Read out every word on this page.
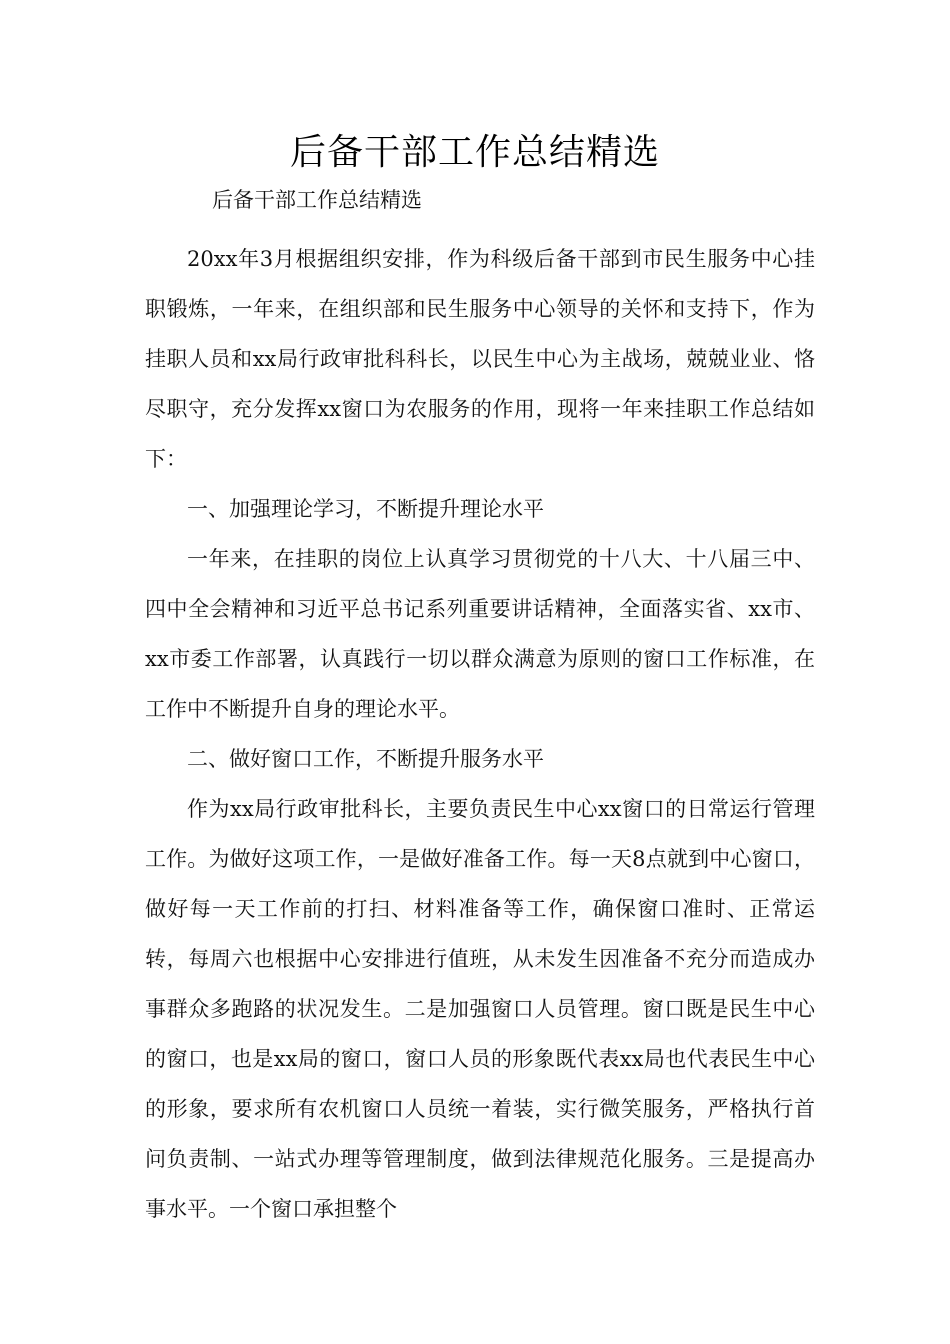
后备干部工作总结精选

后备干部工作总结精选

20xx年3月根据组织安排，作为科级后备干部到市民生服务中心挂职锻炼，一年来，在组织部和民生服务中心领导的关怀和支持下，作为挂职人员和xx局行政审批科科长，以民生中心为主战场，兢兢业业、恪尽职守，充分发挥xx窗口为农服务的作用，现将一年来挂职工作总结如下：

一、加强理论学习，不断提升理论水平

一年来，在挂职的岗位上认真学习贯彻党的十八大、十八届三中、四中全会精神和习近平总书记系列重要讲话精神，全面落实省、xx市、xx市委工作部署，认真践行一切以群众满意为原则的窗口工作标准，在工作中不断提升自身的理论水平。

二、做好窗口工作，不断提升服务水平

作为xx局行政审批科长，主要负责民生中心xx窗口的日常运行管理工作。为做好这项工作，一是做好准备工作。每一天8点就到中心窗口，做好每一天工作前的打扫、材料准备等工作，确保窗口准时、正常运转，每周六也根据中心安排进行值班，从未发生因准备不充分而造成办事群众多跑路的状况发生。二是加强窗口人员管理。窗口既是民生中心的窗口，也是xx局的窗口，窗口人员的形象既代表xx局也代表民生中心的形象，要求所有农机窗口人员统一着装，实行微笑服务，严格执行首问负责制、一站式办理等管理制度，做到法律规范化服务。三是提高办事水平。一个窗口承担整个
